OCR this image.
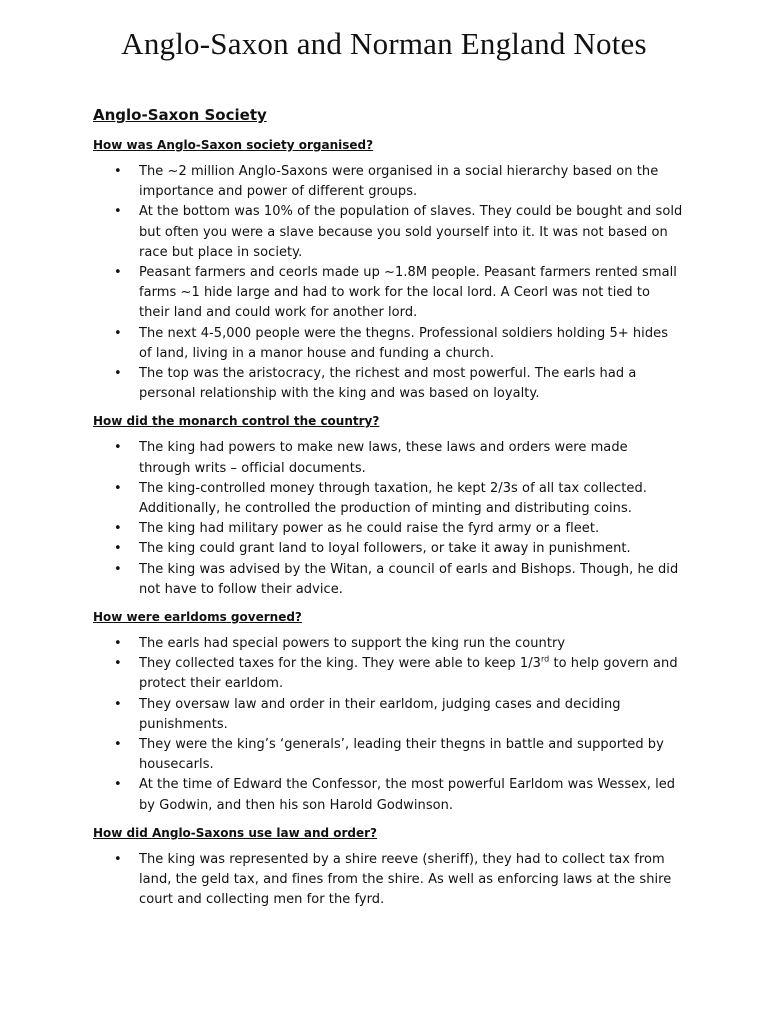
Anglo-Saxon and Norman England Notes
Anglo-Saxon Society
How was Anglo-Saxon society organised?
• The ~2 million Anglo-Saxons were organised in a social hierarchy based on the importance and power of different groups.
• At the bottom was 10% of the population of slaves. They could be bought and sold but often you were a slave because you sold yourself into it. It was not based on race but place in society.
• Peasant farmers and ceorls made up ~1.8M people. Peasant farmers rented small farms ~1 hide large and had to work for the local lord. A Ceorl was not tied to their land and could work for another lord.
• The next 4-5,000 people were the thegns. Professional soldiers holding 5+ hides of land, living in a manor house and funding a church.
• The top was the aristocracy, the richest and most powerful. The earls had a personal relationship with the king and was based on loyalty.
How did the monarch control the country?
• The king had powers to make new laws, these laws and orders were made through writs – official documents.
• The king-controlled money through taxation, he kept 2/3s of all tax collected. Additionally, he controlled the production of minting and distributing coins.
• The king had military power as he could raise the fyrd army or a fleet.
• The king could grant land to loyal followers, or take it away in punishment.
• The king was advised by the Witan, a council of earls and Bishops. Though, he did not have to follow their advice.
How were earldoms governed?
• The earls had special powers to support the king run the country
• They collected taxes for the king. They were able to keep 1/3rd to help govern and protect their earldom.
• They oversaw law and order in their earldom, judging cases and deciding punishments.
• They were the king’s ‘generals’, leading their thegns in battle and supported by housecarls.
• At the time of Edward the Confessor, the most powerful Earldom was Wessex, led by Godwin, and then his son Harold Godwinson.
How did Anglo-Saxons use law and order?
• The king was represented by a shire reeve (sheriff), they had to collect tax from land, the geld tax, and fines from the shire. As well as enforcing laws at the shire court and collecting men for the fyrd.
